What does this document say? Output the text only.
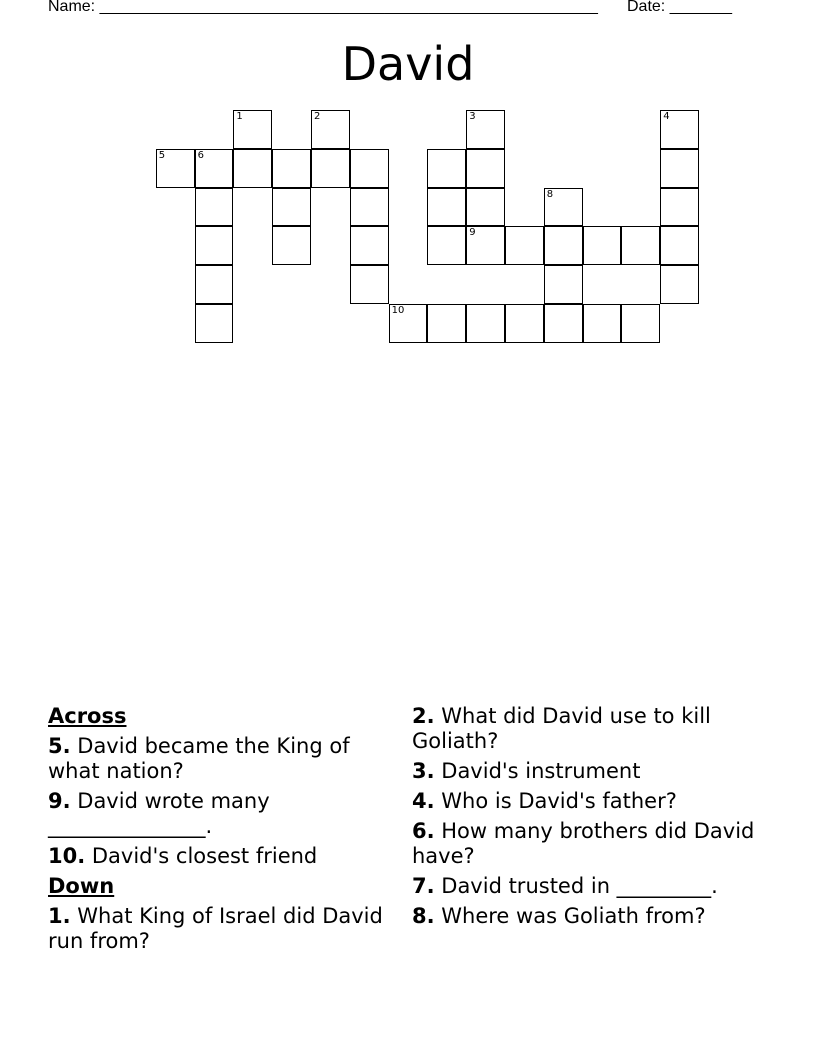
Name: ________________________________________________________ Date: _______
David
1	2	3	4
5	6
8
9
10
Across
5. David became the King of what nation?
9. David wrote many _______________.
10. David's closest friend
Down
1. What King of Israel did David run from?
2. What did David use to kill Goliath?
3. David's instrument
4. Who is David's father?
6. How many brothers did David have?
7. David trusted in _________.
8. Where was Goliath from?
